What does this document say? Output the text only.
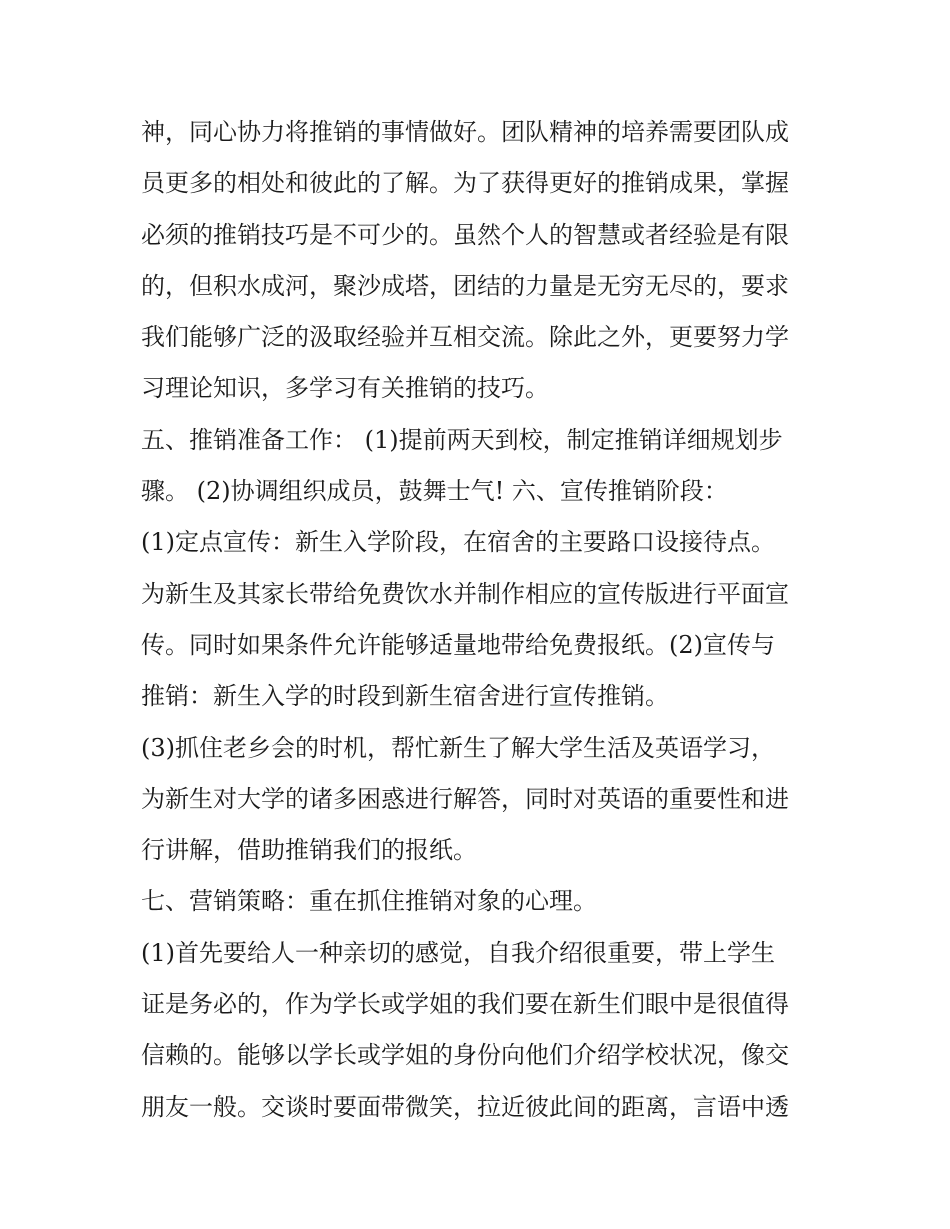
神，同心协力将推销的事情做好。团队精神的培养需要团队成
员更多的相处和彼此的了解。为了获得更好的推销成果，掌握
必须的推销技巧是不可少的。虽然个人的智慧或者经验是有限
的，但积水成河，聚沙成塔，团结的力量是无穷无尽的，要求
我们能够广泛的汲取经验并互相交流。除此之外，更要努力学
习理论知识，多学习有关推销的技巧。
五、推销准备工作： (1)提前两天到校，制定推销详细规划步
骤。 (2)协调组织成员，鼓舞士气! 六、宣传推销阶段：
(1)定点宣传：新生入学阶段，在宿舍的主要路口设接待点。
为新生及其家长带给免费饮水并制作相应的宣传版进行平面宣
传。同时如果条件允许能够适量地带给免费报纸。(2)宣传与
推销：新生入学的时段到新生宿舍进行宣传推销。
(3)抓住老乡会的时机，帮忙新生了解大学生活及英语学习，
为新生对大学的诸多困惑进行解答，同时对英语的重要性和进
行讲解，借助推销我们的报纸。
七、营销策略：重在抓住推销对象的心理。
(1)首先要给人一种亲切的感觉，自我介绍很重要，带上学生
证是务必的，作为学长或学姐的我们要在新生们眼中是很值得
信赖的。能够以学长或学姐的身份向他们介绍学校状况，像交
朋友一般。交谈时要面带微笑，拉近彼此间的距离，言语中透
